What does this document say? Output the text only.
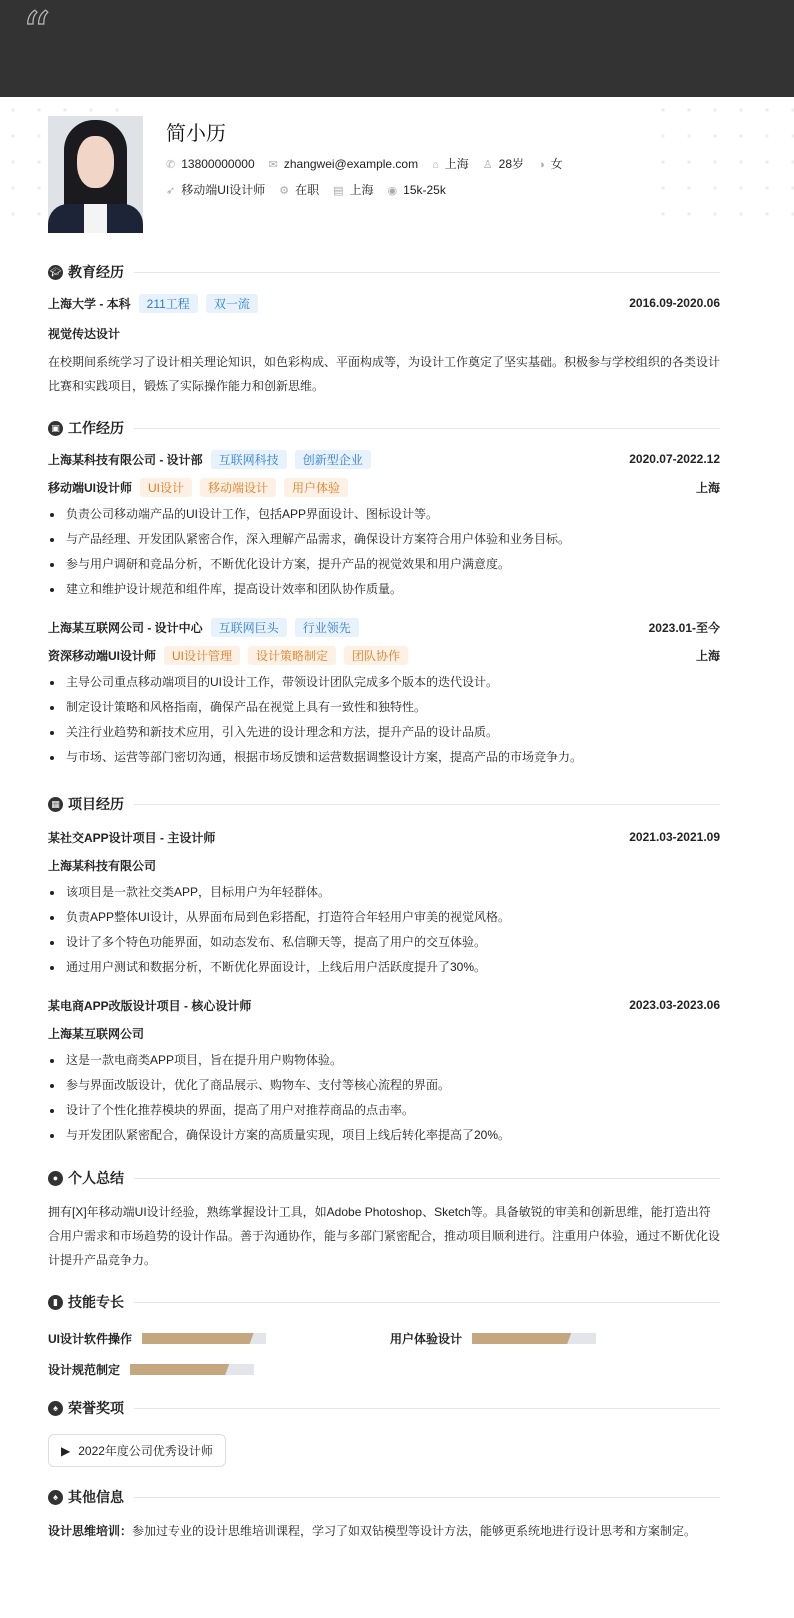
“
简小历
✆ 13800000000 ✉ zhangwei@example.com ⌂ 上海 ♙ 28岁 ◑ 女
➶ 移动端UI设计师 ⚙ 在职 ▤ 上海 ◉ 15k-25k
🎓︎ 教育经历
上海大学 - 本科	211工程	双一流	2016.09-2020.06
视觉传达设计

在校期间系统学习了设计相关理论知识，如色彩构成、平面构成等，为设计工作奠定了坚实基础。积极参与学校组织的各类设计比赛和实践项目，锻炼了实际操作能力和创新思维。

▣ 工作经历
上海某科技有限公司 - 设计部	互联网科技	创新型企业	2020.07-2022.12
移动端UI设计师	UI设计	移动端设计	用户体验	上海
负责公司移动端产品的UI设计工作，包括APP界面设计、图标设计等。
与产品经理、开发团队紧密合作，深入理解产品需求，确保设计方案符合用户体验和业务目标。
参与用户调研和竞品分析，不断优化设计方案，提升产品的视觉效果和用户满意度。
建立和维护设计规范和组件库，提高设计效率和团队协作质量。
上海某互联网公司 - 设计中心	互联网巨头	行业领先	2023.01-至今
资深移动端UI设计师	UI设计管理	设计策略制定	团队协作	上海
主导公司重点移动端项目的UI设计工作，带领设计团队完成多个版本的迭代设计。
制定设计策略和风格指南，确保产品在视觉上具有一致性和独特性。
关注行业趋势和新技术应用，引入先进的设计理念和方法，提升产品的设计品质。
与市场、运营等部门密切沟通，根据市场反馈和运营数据调整设计方案，提高产品的市场竞争力。
▦ 项目经历
某社交APP设计项目 - 主设计师	2021.03-2021.09
上海某科技有限公司
该项目是一款社交类APP，目标用户为年轻群体。
负责APP整体UI设计，从界面布局到色彩搭配，打造符合年轻用户审美的视觉风格。
设计了多个特色功能界面，如动态发布、私信聊天等，提高了用户的交互体验。
通过用户测试和数据分析，不断优化界面设计，上线后用户活跃度提升了30%。
某电商APP改版设计项目 - 核心设计师	2023.03-2023.06
上海某互联网公司
这是一款电商类APP项目，旨在提升用户购物体验。
参与界面改版设计，优化了商品展示、购物车、支付等核心流程的界面。
设计了个性化推荐模块的界面，提高了用户对推荐商品的点击率。
与开发团队紧密配合，确保设计方案的高质量实现，项目上线后转化率提高了20%。
● 个人总结

拥有[X]年移动端UI设计经验，熟练掌握设计工具，如Adobe Photoshop、Sketch等。具备敏锐的审美和创新思维，能打造出符合用户需求和市场趋势的设计作品。善于沟通协作，能与多部门紧密配合，推动项目顺利进行。注重用户体验，通过不断优化设计提升产品竞争力。

▮ 技能专长
UI设计软件操作	用户体验设计
设计规范制定
♠ 荣誉奖项
▶ 2022年度公司优秀设计师
♠ 其他信息

设计思维培训：参加过专业的设计思维培训课程，学习了如双钻模型等设计方法，能够更系统地进行设计思考和方案制定。
